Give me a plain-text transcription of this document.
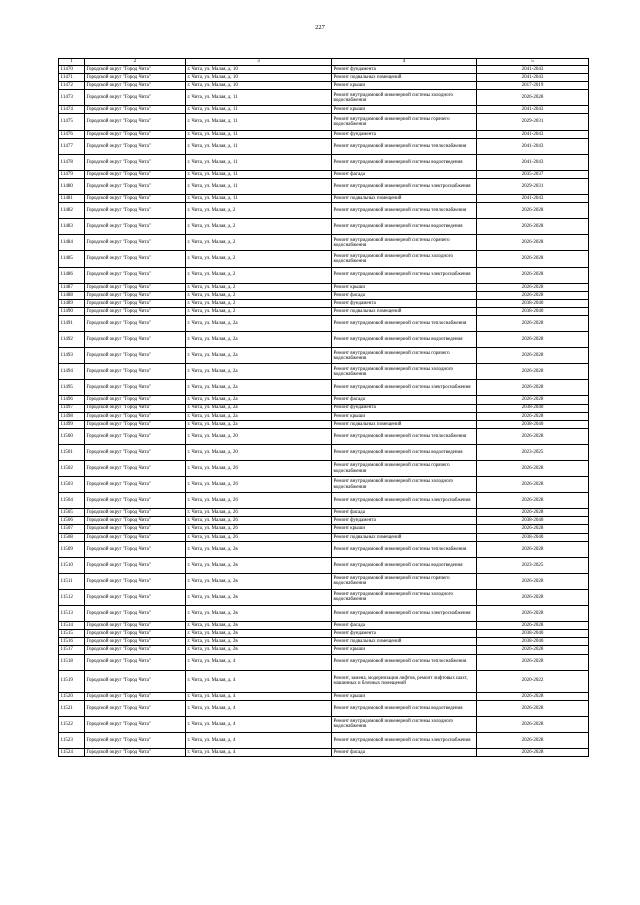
227
1	2	3	4	5
11470	Городской округ "Город Чита"	г. Чита, ул. Малая, д. 10	Ремонт фундамента	2041-2043
11471	Городской округ "Город Чита"	г. Чита, ул. Малая, д. 10	Ремонт подвальных помещений	2041-2043
11472	Городской округ "Город Чита"	г. Чита, ул. Малая, д. 10	Ремонт крыши	2017-2019
11473	Городской округ "Город Чита"	г. Чита, ул. Малая, д. 11	Ремонт внутридомовой инженерной системы холодного водоснабжения	2026-2028
11474	Городской округ "Город Чита"	г. Чита, ул. Малая, д. 11	Ремонт крыши	2041-2043
11475	Городской округ "Город Чита"	г. Чита, ул. Малая, д. 11	Ремонт внутридомовой инженерной системы горячего водоснабжения	2029-2031
11476	Городской округ "Город Чита"	г. Чита, ул. Малая, д. 11	Ремонт фундамента	2041-2043
11477	Городской округ "Город Чита"	г. Чита, ул. Малая, д. 11	Ремонт внутридомовой инженерной системы теплоснабжения	2041-2043
11478	Городской округ "Город Чита"	г. Чита, ул. Малая, д. 11	Ремонт внутридомовой инженерной системы водоотведения	2041-2043
11479	Городской округ "Город Чита"	г. Чита, ул. Малая, д. 11	Ремонт фасада	2035-2037
11480	Городской округ "Город Чита"	г. Чита, ул. Малая, д. 11	Ремонт внутридомовой инженерной системы электроснабжения	2029-2031
11481	Городской округ "Город Чита"	г. Чита, ул. Малая, д. 11	Ремонт подвальных помещений	2041-2043
11482	Городской округ "Город Чита"	г. Чита, ул. Малая, д. 2	Ремонт внутридомовой инженерной системы теплоснабжения	2026-2028
11483	Городской округ "Город Чита"	г. Чита, ул. Малая, д. 2	Ремонт внутридомовой инженерной системы водоотведения	2026-2028
11484	Городской округ "Город Чита"	г. Чита, ул. Малая, д. 2	Ремонт внутридомовой инженерной системы горячего водоснабжения	2026-2028
11485	Городской округ "Город Чита"	г. Чита, ул. Малая, д. 2	Ремонт внутридомовой инженерной системы холодного водоснабжения	2026-2028
11486	Городской округ "Город Чита"	г. Чита, ул. Малая, д. 2	Ремонт внутридомовой инженерной системы электроснабжения	2026-2028
11487	Городской округ "Город Чита"	г. Чита, ул. Малая, д. 2	Ремонт крыши	2026-2028
11488	Городской округ "Город Чита"	г. Чита, ул. Малая, д. 2	Ремонт фасада	2026-2028
11489	Городской округ "Город Чита"	г. Чита, ул. Малая, д. 2	Ремонт фундамента	2038-2040
11490	Городской округ "Город Чита"	г. Чита, ул. Малая, д. 2	Ремонт подвальных помещений	2038-2040
11491	Городской округ "Город Чита"	г. Чита, ул. Малая, д. 2а	Ремонт внутридомовой инженерной системы теплоснабжения	2026-2028
11492	Городской округ "Город Чита"	г. Чита, ул. Малая, д. 2а	Ремонт внутридомовой инженерной системы водоотведения	2026-2028
11493	Городской округ "Город Чита"	г. Чита, ул. Малая, д. 2а	Ремонт внутридомовой инженерной системы горячего водоснабжения	2026-2028
11494	Городской округ "Город Чита"	г. Чита, ул. Малая, д. 2а	Ремонт внутридомовой инженерной системы холодного водоснабжения	2026-2028
11495	Городской округ "Город Чита"	г. Чита, ул. Малая, д. 2а	Ремонт внутридомовой инженерной системы электроснабжения	2026-2028
11496	Городской округ "Город Чита"	г. Чита, ул. Малая, д. 2а	Ремонт фасада	2026-2028
11497	Городской округ "Город Чита"	г. Чита, ул. Малая, д. 2а	Ремонт фундамента	2038-2040
11498	Городской округ "Город Чита"	г. Чита, ул. Малая, д. 2а	Ремонт крыши	2026-2028
11499	Городской округ "Город Чита"	г. Чита, ул. Малая, д. 2а	Ремонт подвальных помещений	2038-2040
11500	Городской округ "Город Чита"	г. Чита, ул. Малая, д. 20	Ремонт внутридомовой инженерной системы теплоснабжения	2026-2028
11501	Городской округ "Город Чита"	г. Чита, ул. Малая, д. 20	Ремонт внутридомовой инженерной системы водоотведения	2023-2025
11502	Городской округ "Город Чита"	г. Чита, ул. Малая, д. 26	Ремонт внутридомовой инженерной системы горячего водоснабжения	2026-2028
11503	Городской округ "Город Чита"	г. Чита, ул. Малая, д. 26	Ремонт внутридомовой инженерной системы холодного водоснабжения	2026-2028
11504	Городской округ "Город Чита"	г. Чита, ул. Малая, д. 26	Ремонт внутридомовой инженерной системы электроснабжения	2026-2028
11505	Городской округ "Город Чита"	г. Чита, ул. Малая, д. 26	Ремонт фасада	2026-2028
11506	Городской округ "Город Чита"	г. Чита, ул. Малая, д. 26	Ремонт фундамента	2038-2040
11507	Городской округ "Город Чита"	г. Чита, ул. Малая, д. 26	Ремонт крыши	2026-2028
11508	Городской округ "Город Чита"	г. Чита, ул. Малая, д. 26	Ремонт подвальных помещений	2038-2040
11509	Городской округ "Город Чита"	г. Чита, ул. Малая, д. 2в	Ремонт внутридомовой инженерной системы теплоснабжения	2026-2028
11510	Городской округ "Город Чита"	г. Чита, ул. Малая, д. 2в	Ремонт внутридомовой инженерной системы водоотведения	2023-2025
11511	Городской округ "Город Чита"	г. Чита, ул. Малая, д. 2в	Ремонт внутридомовой инженерной системы горячего водоснабжения	2026-2028
11512	Городской округ "Город Чита"	г. Чита, ул. Малая, д. 2в	Ремонт внутридомовой инженерной системы холодного водоснабжения	2026-2028
11513	Городской округ "Город Чита"	г. Чита, ул. Малая, д. 2в	Ремонт внутридомовой инженерной системы электроснабжения	2026-2028
11514	Городской округ "Город Чита"	г. Чита, ул. Малая, д. 2в	Ремонт фасада	2026-2028
11515	Городской округ "Город Чита"	г. Чита, ул. Малая, д. 2в	Ремонт фундамента	2038-2040
11516	Городской округ "Город Чита"	г. Чита, ул. Малая, д. 2в	Ремонт подвальных помещений	2038-2040
11517	Городской округ "Город Чита"	г. Чита, ул. Малая, д. 2в	Ремонт крыши	2026-2028
11518	Городской округ "Город Чита"	г. Чита, ул. Малая, д. 4	Ремонт внутридомовой инженерной системы теплоснабжения	2026-2028
11519	Городской округ "Город Чита"	г. Чита, ул. Малая, д. 4	Ремонт, замена, модернизация лифтов, ремонт лифтовых шахт, машинных и блочных помещений	2020-2022
11520	Городской округ "Город Чита"	г. Чита, ул. Малая, д. 4	Ремонт крыши	2026-2028
11521	Городской округ "Город Чита"	г. Чита, ул. Малая, д. 4	Ремонт внутридомовой инженерной системы водоотведения	2026-2028
11522	Городской округ "Город Чита"	г. Чита, ул. Малая, д. 4	Ремонт внутридомовой инженерной системы холодного водоснабжения	2026-2028
11523	Городской округ "Город Чита"	г. Чита, ул. Малая, д. 4	Ремонт внутридомовой инженерной системы электроснабжения	2026-2028
11524	Городской округ "Город Чита"	г. Чита, ул. Малая, д. 4	Ремонт фасада	2026-2028
